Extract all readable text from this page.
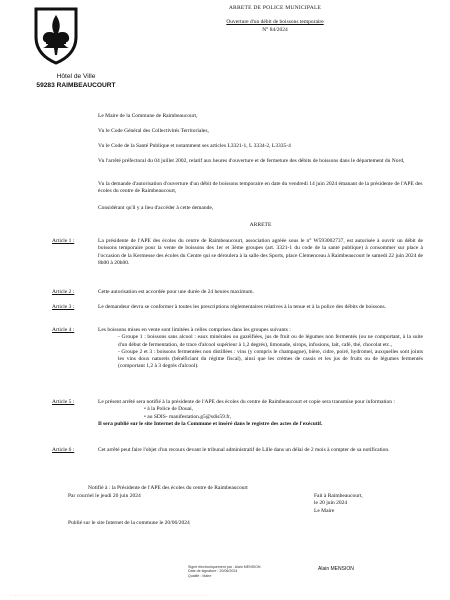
Hôtel de Ville
59283 RAIMBEAUCOURT
ARRETE DE POLICE MUNICIPALE
Ouverture d'un débit de boissons temporaire
N° 84/2024
Le Maire de la Commune de Raimbeaucourt,
Vu le Code Général des Collectivités Territoriales,
Vu le Code de la Santé Publique et notamment ses articles L3321-1, L 3334-2, L3335-4
Vu l'arrêté préfectoral du 04 juillet 2002, relatif aux heures d'ouverture et de fermeture des débits de boissons dans le département du Nord,
Vu la demande d'autorisation d'ouverture d'un débit de boissons temporaire en date du vendredi 14 juin 2024 émanant de la présidente de l'APE des écoles du centre de Raimbeaucourt,
Considérant qu'il y a lieu d'accéder à cette demande,
ARRETE
Article 1 :	La présidente de l'APE des écoles du centre de Raimbeaucourt, association agréée sous le n° W593002737, est autorisée à ouvrir un débit de boissons temporaire pour la vente de boissons des 1er et 3ème groupes (art. 3321-1 du code de la santé publique) à consommer sur place à l'occasion de la Kermesse des écoles du Centre qui se déroulera à la salle des Sports, place Clemenceau à Raimbeaucourt le samedi 22 juin 2024 de 8h00 à 20h00.
Article 2 :	Cette autorisation est accordée pour une durée de 24 heures maximum.
Article 3 :	Le demandeur devra se conformer à toutes les prescriptions réglementaires relatives à la tenue et à la police des débits de boissons.
Article 4 :	Les boissons mises en vente sont limitées à celles comprises dans les groupes suivants :
- Groupe 1 : boissons sans alcool : eaux minérales ou gazéifiées, jus de fruit ou de légumes non fermentés (ou ne comportant, à la suite d'un début de fermentation, de trace d'alcool supérieur à 1,2 degrés), limonade, sirops, infusions, lait, café, thé, chocolat etc.,
- Groupe 2 et 3 : boissons fermentées non distillées : vins (y compris le champagne), bière, cidre, poiré, hydromel, auxquelles sont joints les vins doux naturels (bénéficiant du régime fiscal), ainsi que les crèmes de cassis et les jus de fruits ou de légumes fermentés (comportant 1,2 à 3 degrés d'alcool).
Article 5 :	Le présent arrêté sera notifié à la présidente de l'APE des écoles du centre de Raimbeaucourt et copie sera transmise pour information :
• à la Police de Douai,
• au SDIS- manifestation.g5@sdis59.fr,
Il sera publié sur le site Internet de la Commune et inséré dans le registre des actes de l'exécutif.
Article 6 :	Cet arrêté peut faire l'objet d'un recours devant le tribunal administratif de Lille dans un délai de 2 mois à compter de sa notification.
Notifié à : la Présidente de l'APE des écoles du centre de Raimbeaucourt
Par courriel le jeudi 20 juin 2024	Fait à Raimbeaucourt,
le 20 juin 2024
Le Maire
Publié sur le site Internet de la commune le 20/06/2024
Signé électroniquement par : Alain MENSION
Date de signature : 20/06/2024
Qualité : Maire
Alain MENSION
— — — — — — — — — — — — — — — — — — — — — — — — — — — — — — — — — — — — — — — — — — — — — — — — — — — —
